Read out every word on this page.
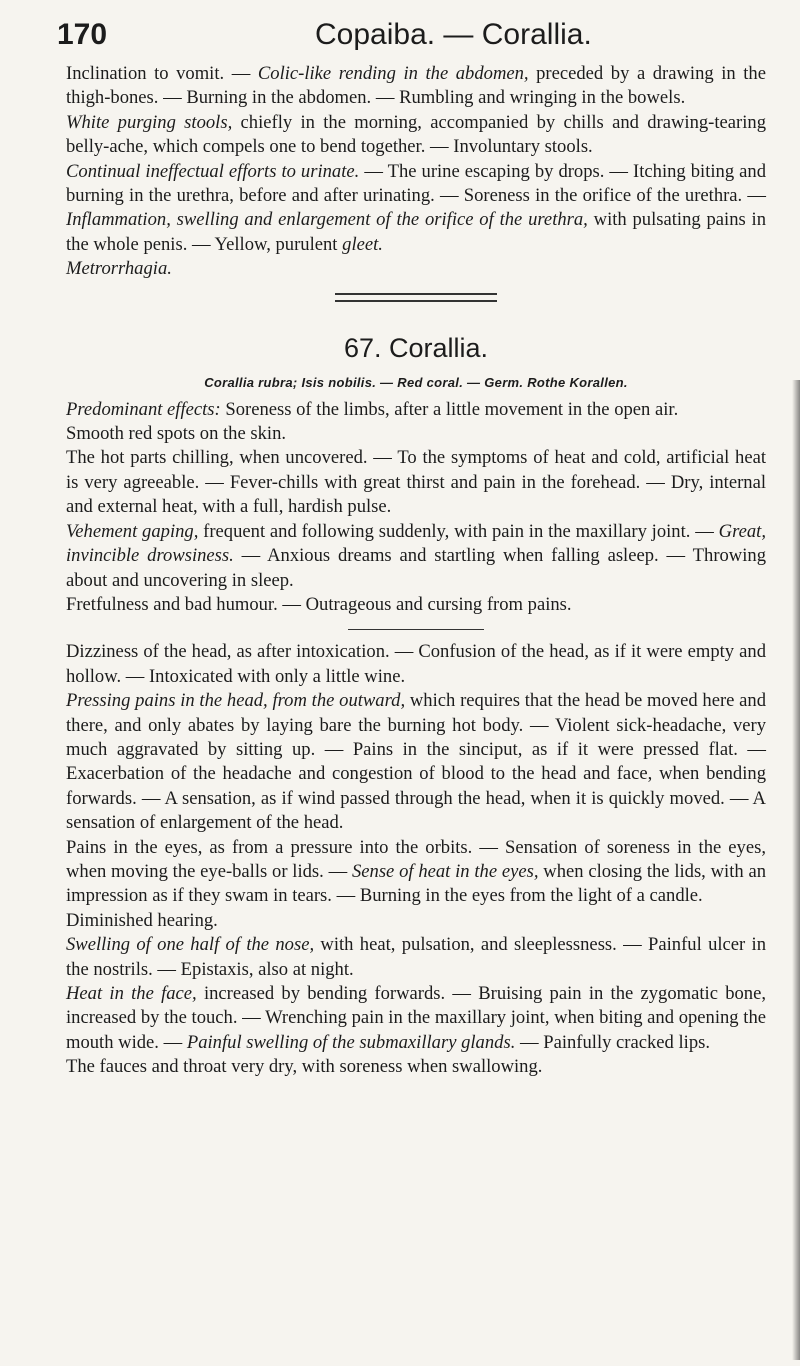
170	Copaiba. — Corallia.

Inclination to vomit. — Colic-like rending in the abdomen, preceded by a drawing in the thigh-bones. — Burning in the abdomen. — Rumbling and wringing in the bowels.

White purging stools, chiefly in the morning, accompanied by chills and drawing-tearing belly-ache, which compels one to bend together. — Involuntary stools.

Continual ineffectual efforts to urinate. — The urine escaping by drops. — Itching biting and burning in the urethra, before and after urinating. — Soreness in the orifice of the urethra. — Inflammation, swelling and enlargement of the orifice of the urethra, with pulsating pains in the whole penis. — Yellow, purulent gleet.

Metrorrhagia.

67. Corallia.
Corallia rubra; Isis nobilis. — Red coral. — Germ. Rothe Korallen.

Predominant effects: Soreness of the limbs, after a little movement in the open air.

Smooth red spots on the skin.

The hot parts chilling, when uncovered. — To the symptoms of heat and cold, artificial heat is very agreeable. — Fever-chills with great thirst and pain in the forehead. — Dry, internal and external heat, with a full, hardish pulse.

Vehement gaping, frequent and following suddenly, with pain in the maxillary joint. — Great, invincible drowsiness. — Anxious dreams and startling when falling asleep. — Throwing about and uncovering in sleep.

Fretfulness and bad humour. — Outrageous and cursing from pains.

Dizziness of the head, as after intoxication. — Confusion of the head, as if it were empty and hollow. — Intoxicated with only a little wine.

Pressing pains in the head, from the outward, which requires that the head be moved here and there, and only abates by laying bare the burning hot body. — Violent sick-headache, very much aggravated by sitting up. — Pains in the sinciput, as if it were pressed flat. — Exacerbation of the headache and congestion of blood to the head and face, when bending forwards. — A sensation, as if wind passed through the head, when it is quickly moved. — A sensation of enlargement of the head.

Pains in the eyes, as from a pressure into the orbits. — Sensation of soreness in the eyes, when moving the eye-balls or lids. — Sense of heat in the eyes, when closing the lids, with an impression as if they swam in tears. — Burning in the eyes from the light of a candle.

Diminished hearing.

Swelling of one half of the nose, with heat, pulsation, and sleeplessness. — Painful ulcer in the nostrils. — Epistaxis, also at night.

Heat in the face, increased by bending forwards. — Bruising pain in the zygomatic bone, increased by the touch. — Wrenching pain in the maxillary joint, when biting and opening the mouth wide. — Painful swelling of the submaxillary glands. — Painfully cracked lips.

The fauces and throat very dry, with soreness when swallowing.
